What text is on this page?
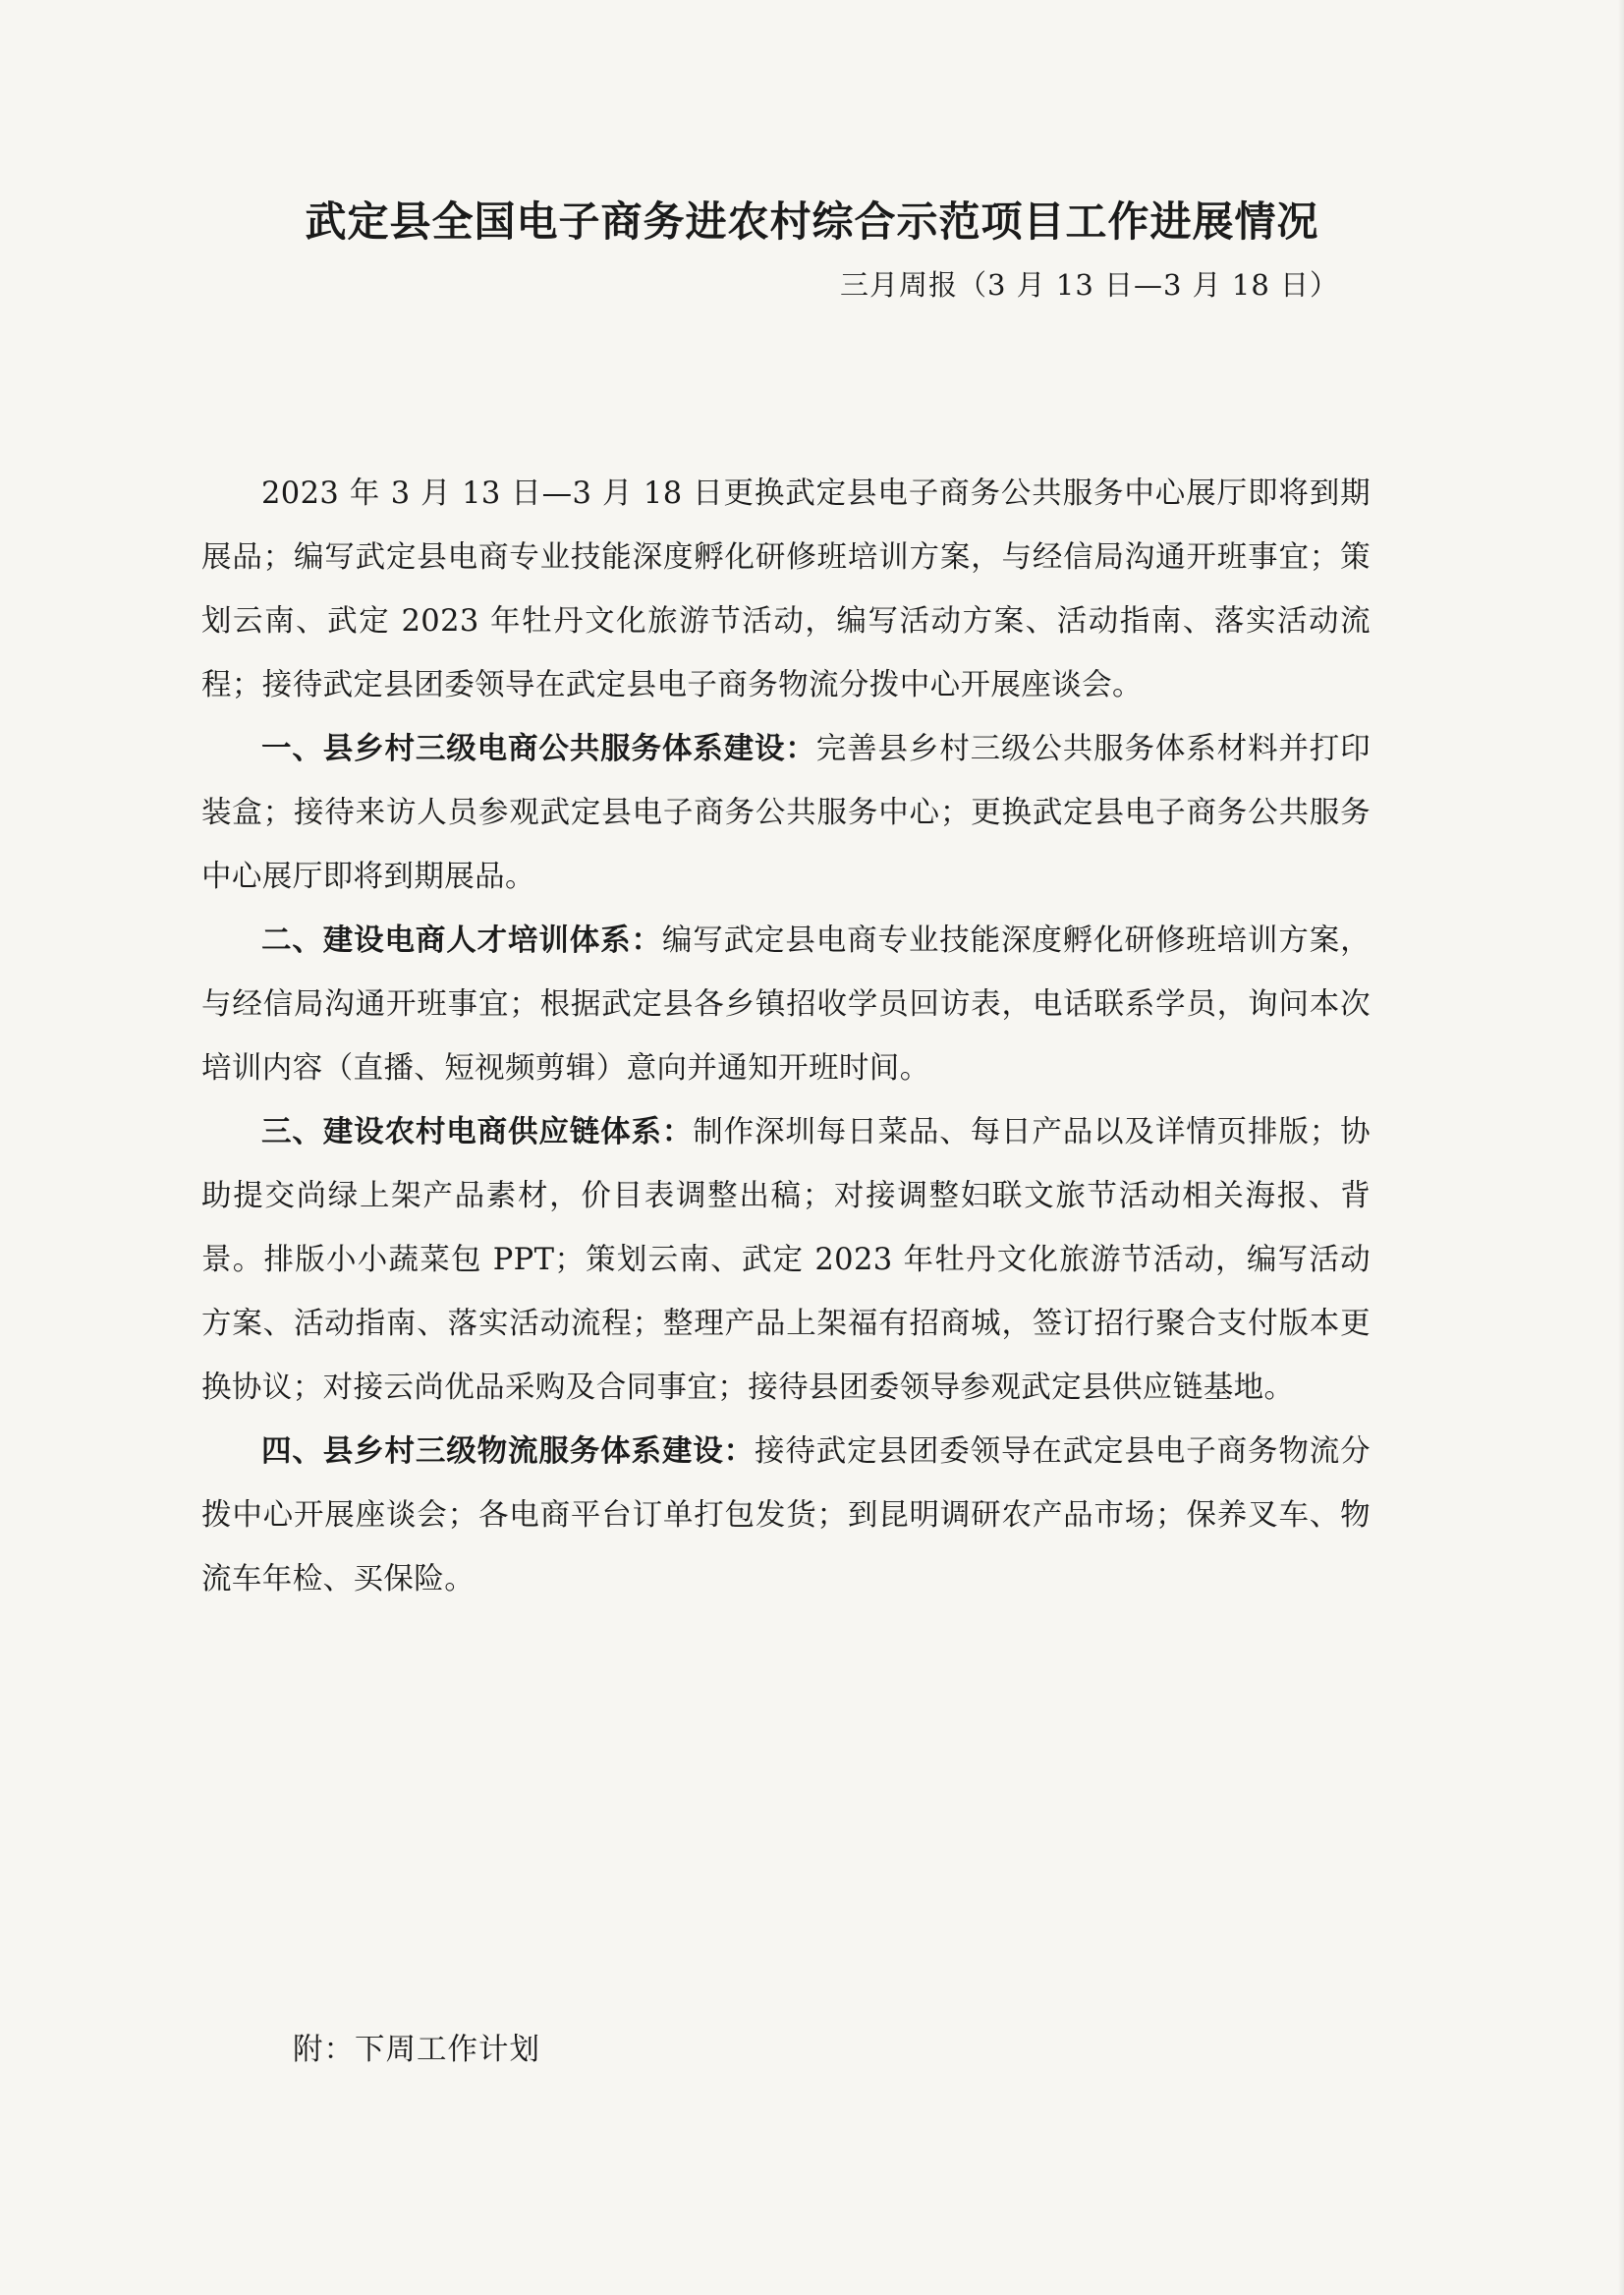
武定县全国电子商务进农村综合示范项目工作进展情况
三月周报（3 月 13 日—3 月 18 日）

2023 年 3 月 13 日—3 月 18 日更换武定县电子商务公共服务中心展厅即将到期展品；编写武定县电商专业技能深度孵化研修班培训方案，与经信局沟通开班事宜；策划云南、武定 2023 年牡丹文化旅游节活动，编写活动方案、活动指南、落实活动流程；接待武定县团委领导在武定县电子商务物流分拨中心开展座谈会。

一、县乡村三级电商公共服务体系建设：完善县乡村三级公共服务体系材料并打印装盒；接待来访人员参观武定县电子商务公共服务中心；更换武定县电子商务公共服务中心展厅即将到期展品。

二、建设电商人才培训体系：编写武定县电商专业技能深度孵化研修班培训方案，与经信局沟通开班事宜；根据武定县各乡镇招收学员回访表，电话联系学员，询问本次培训内容（直播、短视频剪辑）意向并通知开班时间。

三、建设农村电商供应链体系：制作深圳每日菜品、每日产品以及详情页排版；协助提交尚绿上架产品素材，价目表调整出稿；对接调整妇联文旅节活动相关海报、背景。排版小小蔬菜包 PPT；策划云南、武定 2023 年牡丹文化旅游节活动，编写活动方案、活动指南、落实活动流程；整理产品上架福有招商城，签订招行聚合支付版本更换协议；对接云尚优品采购及合同事宜；接待县团委领导参观武定县供应链基地。

四、县乡村三级物流服务体系建设：接待武定县团委领导在武定县电子商务物流分拨中心开展座谈会；各电商平台订单打包发货；到昆明调研农产品市场；保养叉车、物流车年检、买保险。

附：下周工作计划
